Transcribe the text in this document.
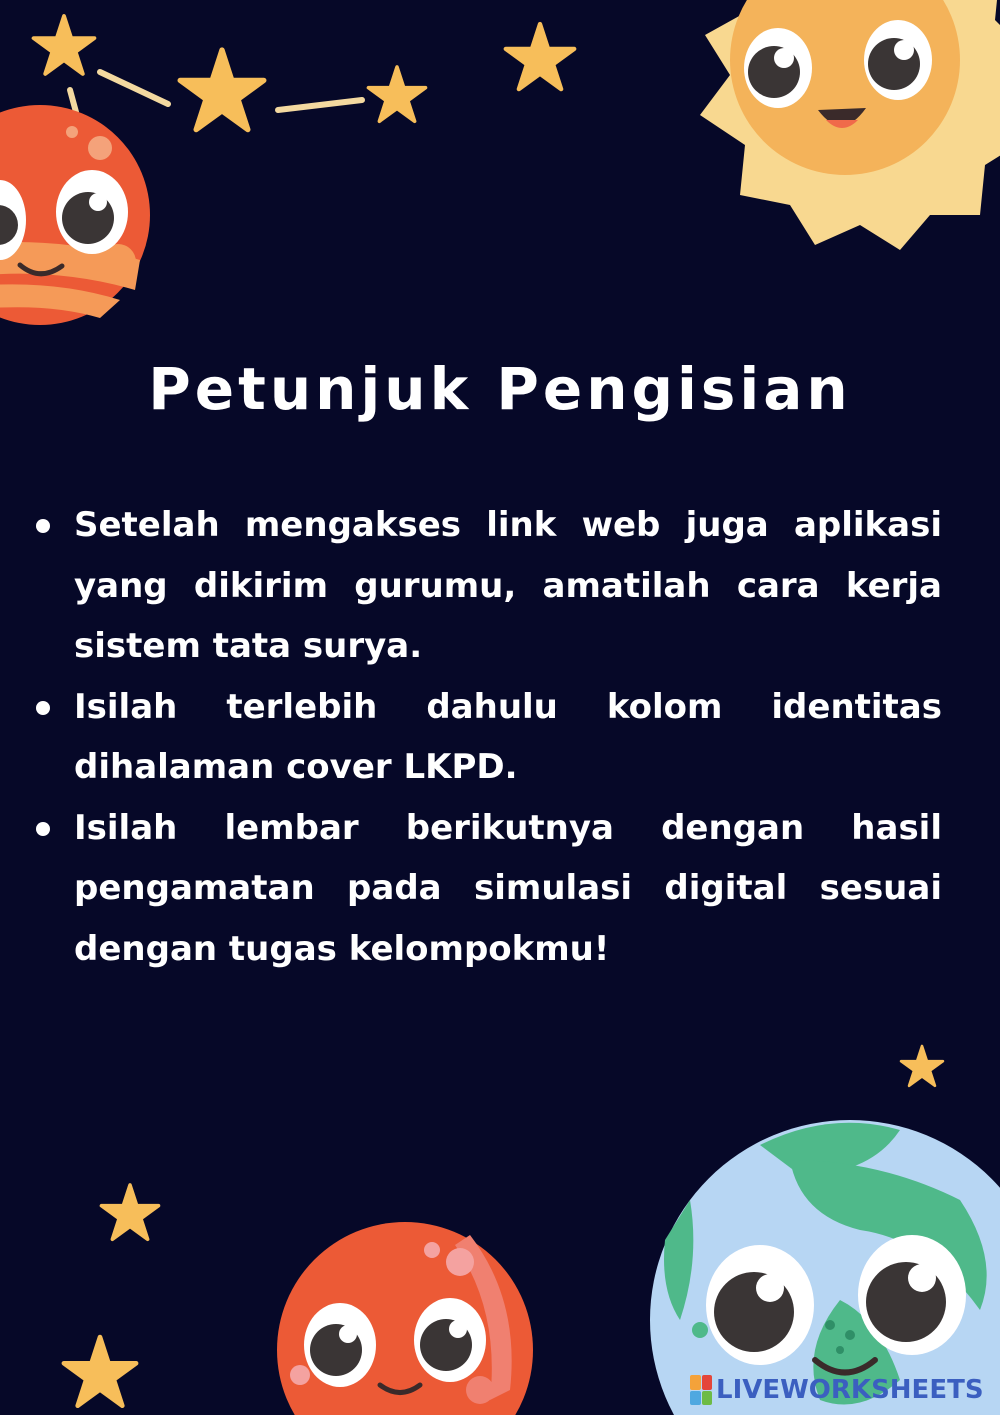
Petunjuk Pengisian
Setelah mengakses link web juga aplikasi yang dikirim gurumu, amatilah cara kerja sistem tata surya.
Isilah terlebih dahulu kolom identitas dihalaman cover LKPD.
Isilah lembar berikutnya dengan hasil pengamatan pada simulasi digital sesuai dengan tugas kelompokmu!
LIVEWORKSHEETS
